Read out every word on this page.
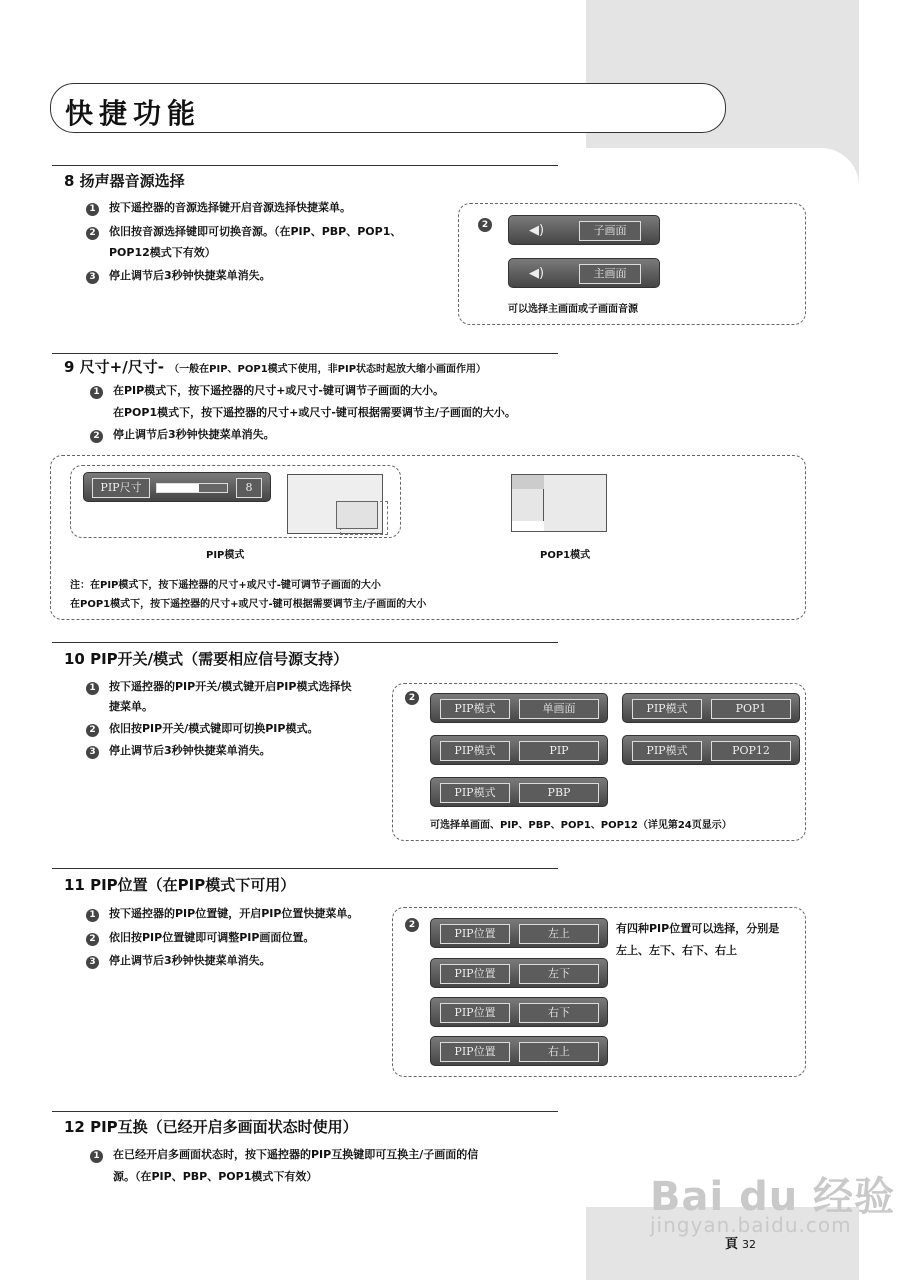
快捷功能
8 扬声器音源选择
1 按下遥控器的音源选择键开启音源选择快捷菜单。
2 依旧按音源选择键即可切换音源。（在PIP、PBP、POP1、
POP12模式下有效）
3 停止调节后3秒钟快捷菜单消失。
2	◀)	子画面
◀)	主画面
可以选择主画面或子画面音源
9 尺寸+/尺寸- （一般在PIP、POP1模式下使用，非PIP状态时起放大缩小画面作用）
1 在PIP模式下，按下遥控器的尺寸+或尺寸-键可调节子画面的大小。
在POP1模式下，按下遥控器的尺寸+或尺寸-键可根据需要调节主/子画面的大小。
2 停止调节后3秒钟快捷菜单消失。
PIP尺寸	8
PIP模式	POP1模式
注：在PIP模式下，按下遥控器的尺寸+或尺寸-键可调节子画面的大小
在POP1模式下，按下遥控器的尺寸+或尺寸-键可根据需要调节主/子画面的大小
10 PIP开关/模式（需要相应信号源支持）
1 按下遥控器的PIP开关/模式键开启PIP模式选择快
捷菜单。
2 依旧按PIP开关/模式键即可切换PIP模式。
3 停止调节后3秒钟快捷菜单消失。
2
PIP模式	单画面	PIP模式	POP1
PIP模式	PIP	PIP模式	POP12
PIP模式	PBP
可选择单画面、PIP、PBP、POP1、POP12（详见第24页显示）
11 PIP位置（在PIP模式下可用）
1 按下遥控器的PIP位置键，开启PIP位置快捷菜单。
2 依旧按PIP位置键即可调整PIP画面位置。
3 停止调节后3秒钟快捷菜单消失。
2
PIP位置	左上
PIP位置	左下
PIP位置	右下
PIP位置	右上
有四种PIP位置可以选择，分别是
左上、左下、右下、右上
12 PIP互换（已经开启多画面状态时使用）
1 在已经开启多画面状态时，按下遥控器的PIP互换键即可互换主/子画面的信
源。（在PIP、PBP、POP1模式下有效）	Bai du 经验
jingyan.baidu.com
頁 32
